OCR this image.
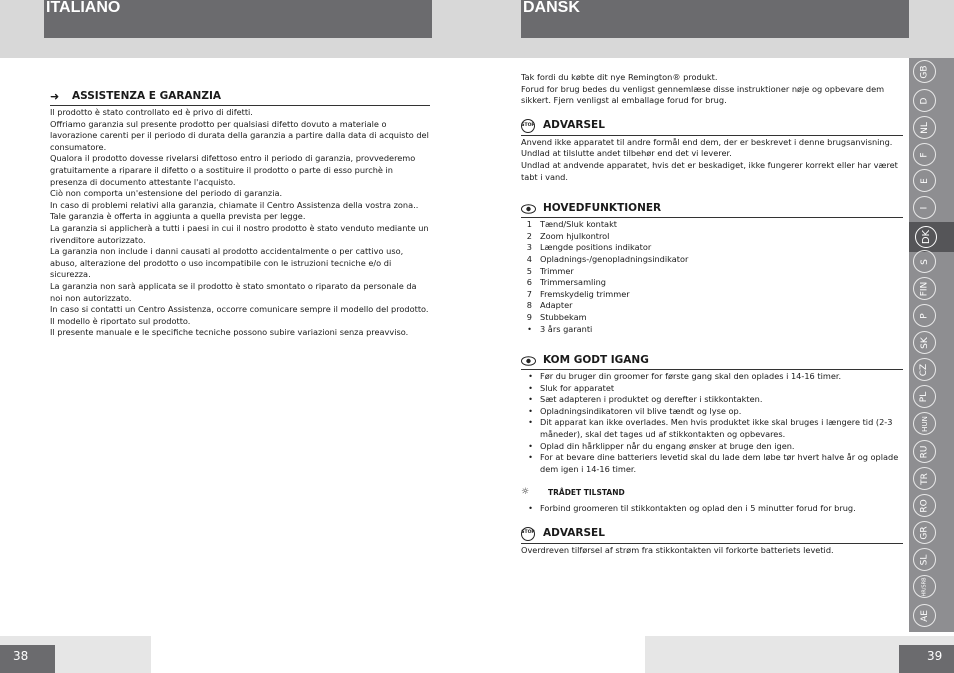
ITALIANO	DANSK
➜	ASSISTENZA E GARANZIA

Il prodotto è stato controllato ed è privo di difetti.

Offriamo garanzia sul presente prodotto per qualsiasi difetto dovuto a materiale o lavorazione carenti per il periodo di durata della garanzia a partire dalla data di acquisto del consumatore.

Qualora il prodotto dovesse rivelarsi difettoso entro il periodo di garanzia, provvederemo gratuitamente a riparare il difetto o a sostituire il prodotto o parte di esso purchè in presenza di documento attestante l'acquisto.

Ciò non comporta un'estensione del periodo di garanzia.

In caso di problemi relativi alla garanzia, chiamate il Centro Assistenza della vostra zona..

Tale garanzia è offerta in aggiunta a quella prevista per legge.

La garanzia si applicherà a tutti i paesi in cui il nostro prodotto è stato venduto mediante un rivenditore autorizzato.

La garanzia non include i danni causati al prodotto accidentalmente o per cattivo uso, abuso, alterazione del prodotto o uso incompatibile con le istruzioni tecniche e/o di sicurezza.

La garanzia non sarà applicata se il prodotto è stato smontato o riparato da personale da noi non autorizzato.

In caso si contatti un Centro Assistenza, occorre comunicare sempre il modello del prodotto.

Il modello è riportato sul prodotto.

Il presente manuale e le specifiche tecniche possono subire variazioni senza preavviso.

Tak fordi du købte dit nye Remington® produkt.

Forud for brug bedes du venligst gennemlæse disse instruktioner nøje og opbevare dem sikkert. Fjern venligst al emballage forud for brug.

STOP ADVARSEL

Anvend ikke apparatet til andre formål end dem, der er beskrevet i denne brugsanvisning.

Undlad at tilslutte andet tilbehør end det vi leverer.

Undlad at andvende apparatet, hvis det er beskadiget, ikke fungerer korrekt eller har været tabt i vand.

HOVEDFUNKTIONER
1 Tænd/Sluk kontakt
2 Zoom hjulkontrol
3 Længde positions indikator
4 Opladnings-/genopladningsindikator
5 Trimmer
6 Trimmersamling
7 Fremskydelig trimmer
8 Adapter
9 Stubbekam
• 3 års garanti
KOM GODT IGANG
• Før du bruger din groomer for første gang skal den oplades i 14-16 timer.
• Sluk for apparatet
• Sæt adapteren i produktet og derefter i stikkontakten.
• Opladningsindikatoren vil blive tændt og lyse op.
• Dit apparat kan ikke overlades. Men hvis produktet ikke skal bruges i længere tid (2-3 måneder), skal det tages ud af stikkontakten og opbevares.
• Oplad din hårklipper når du engang ønsker at bruge den igen.
• For at bevare dine batteriers levetid skal du lade dem løbe tør hvert halve år og oplade dem igen i 14-16 timer.
☼	TRÅDET TILSTAND
• Forbind groomeren til stikkontakten og oplad den i 5 minutter forud for brug.
STOP ADVARSEL

Overdreven tilførsel af strøm fra stikkontakten vil forkorte batteriets levetid.

GB
D
NL
F
E
I
DK
S
FIN
P
SK
CZ
PL
HUN
RU
TR
RO
GR
SL
HR/SRB
AE
38	39
